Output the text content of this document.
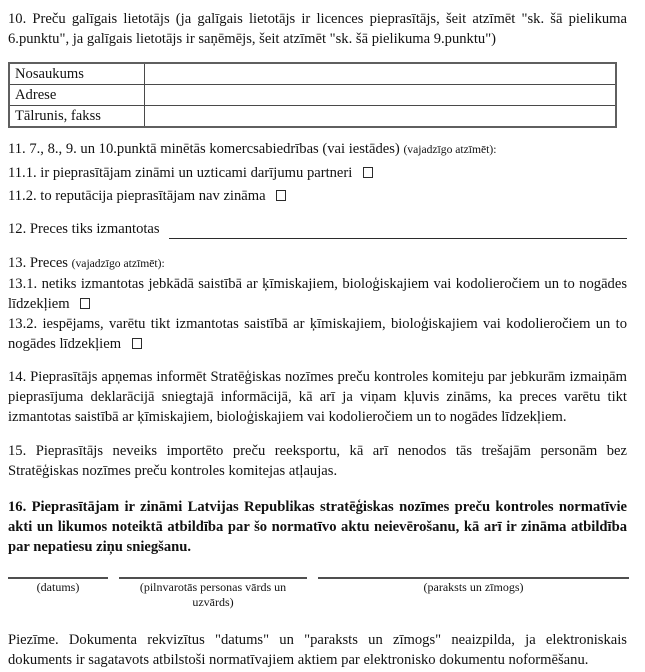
10. Preču galīgais lietotājs (ja galīgais lietotājs ir licences pieprasītājs, šeit atzīmēt "sk. šā pielikuma 6.punktu", ja galīgais lietotājs ir saņēmējs, šeit atzīmēt "sk. šā pielikuma 9.punktu")

Nosaukums	
Adrese	
Tālrunis, fakss	

11. 7., 8., 9. un 10.punktā minētās komercsabiedrības (vai iestādes) (vajadzīgo atzīmēt):

11.1. ir pieprasītājam zināmi un uzticami darījumu partneri

11.2. to reputācija pieprasītājam nav zināma

12. Preces tiks izmantotas

13. Preces (vajadzīgo atzīmēt):

13.1. netiks izmantotas jebkādā saistībā ar ķīmiskajiem, bioloģiskajiem vai kodolieročiem un to nogādes līdzekļiem

13.2. iespējams, varētu tikt izmantotas saistībā ar ķīmiskajiem, bioloģiskajiem vai kodolieročiem un to nogādes līdzekļiem

14. Pieprasītājs apņemas informēt Stratēģiskas nozīmes preču kontroles komiteju par jebkurām izmaiņām pieprasījuma deklarācijā sniegtajā informācijā, kā arī ja viņam kļuvis zināms, ka preces varētu tikt izmantotas saistībā ar ķīmiskajiem, bioloģiskajiem vai kodolieročiem un to nogādes līdzekļiem.

15. Pieprasītājs neveiks importēto preču reeksportu, kā arī nenodos tās trešajām personām bez Stratēģiskas nozīmes preču kontroles komitejas atļaujas.

16. Pieprasītājam ir zināmi Latvijas Republikas stratēģiskas nozīmes preču kontroles normatīvie akti un likumos noteiktā atbildība par šo normatīvo aktu neievērošanu, kā arī ir zināma atbildība par nepatiesu ziņu sniegšanu.

(datums)	(pilnvarotās personas vārds un uzvārds)
(paraksts un zīmogs)

Piezīme. Dokumenta rekvizītus "datums" un "paraksts un zīmogs" neaizpilda, ja elektroniskais dokuments ir sagatavots atbilstoši normatīvajiem aktiem par elektronisko dokumentu noformēšanu.
